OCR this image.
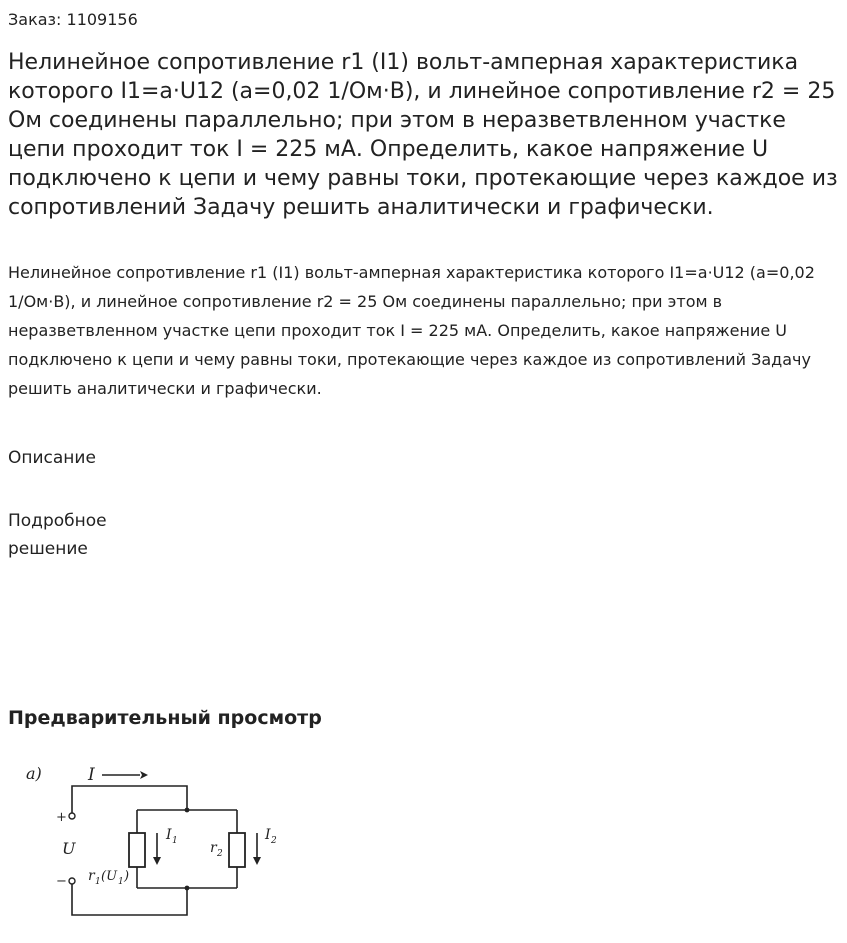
Заказ: 1109156
Нелинейное сопротивление r1 (I1) вольт-амперная характеристика которого I1=a·U12 (a=0,02 1/Ом·В), и линейное сопротивление r2 = 25 Ом соединены параллельно; при этом в неразветвленном участке цепи проходит ток I = 225 мА. Определить, какое напряжение U подключено к цепи и чему равны токи, протекающие через каждое из сопротивлений Задачу решить аналитически и графически.

Нелинейное сопротивление r1 (I1) вольт-амперная характеристика которого I1=a·U12 (a=0,02 1/Ом·В), и линейное сопротивление r2 = 25 Ом соединены параллельно; при этом в неразветвленном участке цепи проходит ток I = 225 мА. Определить, какое напряжение U подключено к цепи и чему равны токи, протекающие через каждое из сопротивлений Задачу решить аналитически и графически.

Описание
Подробное решение
Предварительный просмотр
a)	I
+
−
U
I 1	I 2
r 2
r 1 (U 1 )
